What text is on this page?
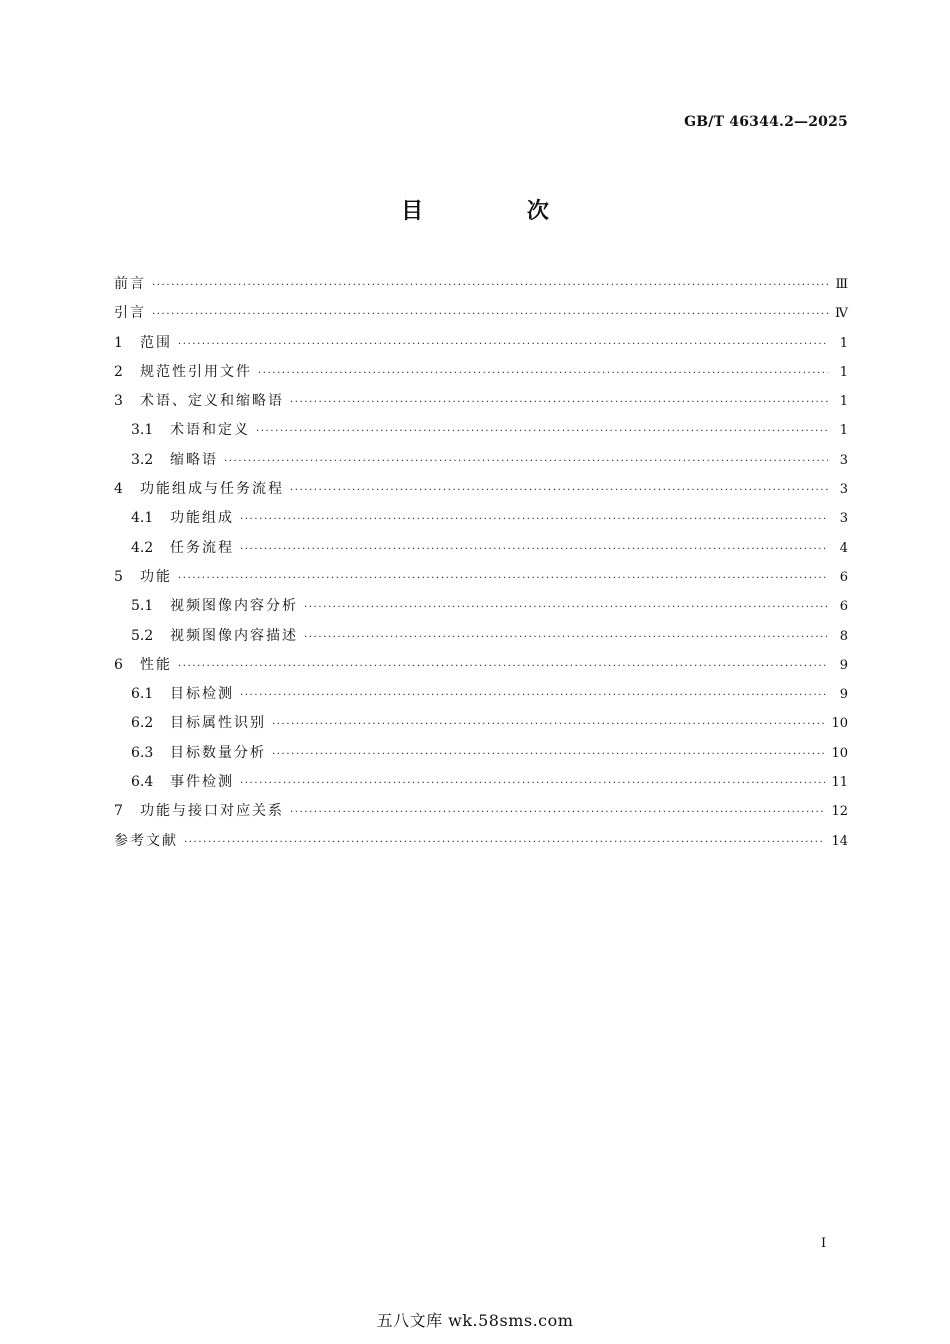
GB/T 46344.2—2025
目 次
前言 ·····	Ⅲ
引言 ·····	Ⅳ
1	范围 ·····	1
2	规范性引用文件 ·····	1
3	术语、定义和缩略语 ·····	1
3.1	术语和定义 ·····	1
3.2	缩略语 ·····	3
4	功能组成与任务流程 ·····	3
4.1	功能组成 ·····	3
4.2	任务流程 ·····	4
5	功能 ·····	6
5.1	视频图像内容分析 ·····	6
5.2	视频图像内容描述 ·····	8
6	性能 ·····	9
6.1	目标检测 ·····	9
6.2	目标属性识别 ·····	10
6.3	目标数量分析 ·····	10
6.4	事件检测 ·····	11
7	功能与接口对应关系 ·····	12
参考文献 ·····	14
I
五八文库 wk.58sms.com
